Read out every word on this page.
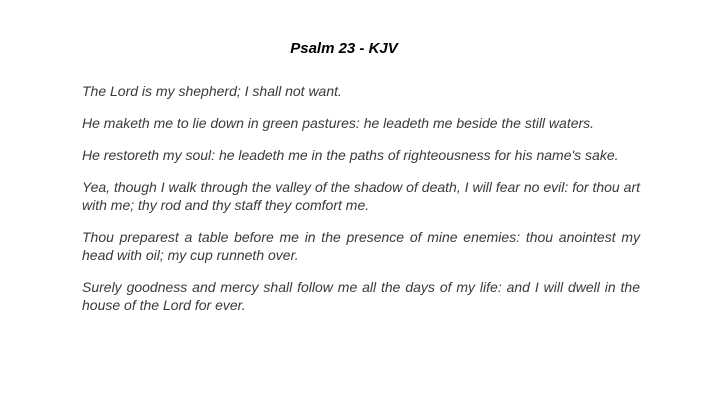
Psalm 23 - KJV

The Lord is my shepherd; I shall not want.

He maketh me to lie down in green pastures: he leadeth me beside the still waters.

He restoreth my soul: he leadeth me in the paths of righteousness for his name's sake.

Yea, though I walk through the valley of the shadow of death, I will fear no evil: for thou art with me; thy rod and thy staff they comfort me.

Thou preparest a table before me in the presence of mine enemies: thou anointest my head with oil; my cup runneth over.

Surely goodness and mercy shall follow me all the days of my life: and I will dwell in the house of the Lord for ever.
